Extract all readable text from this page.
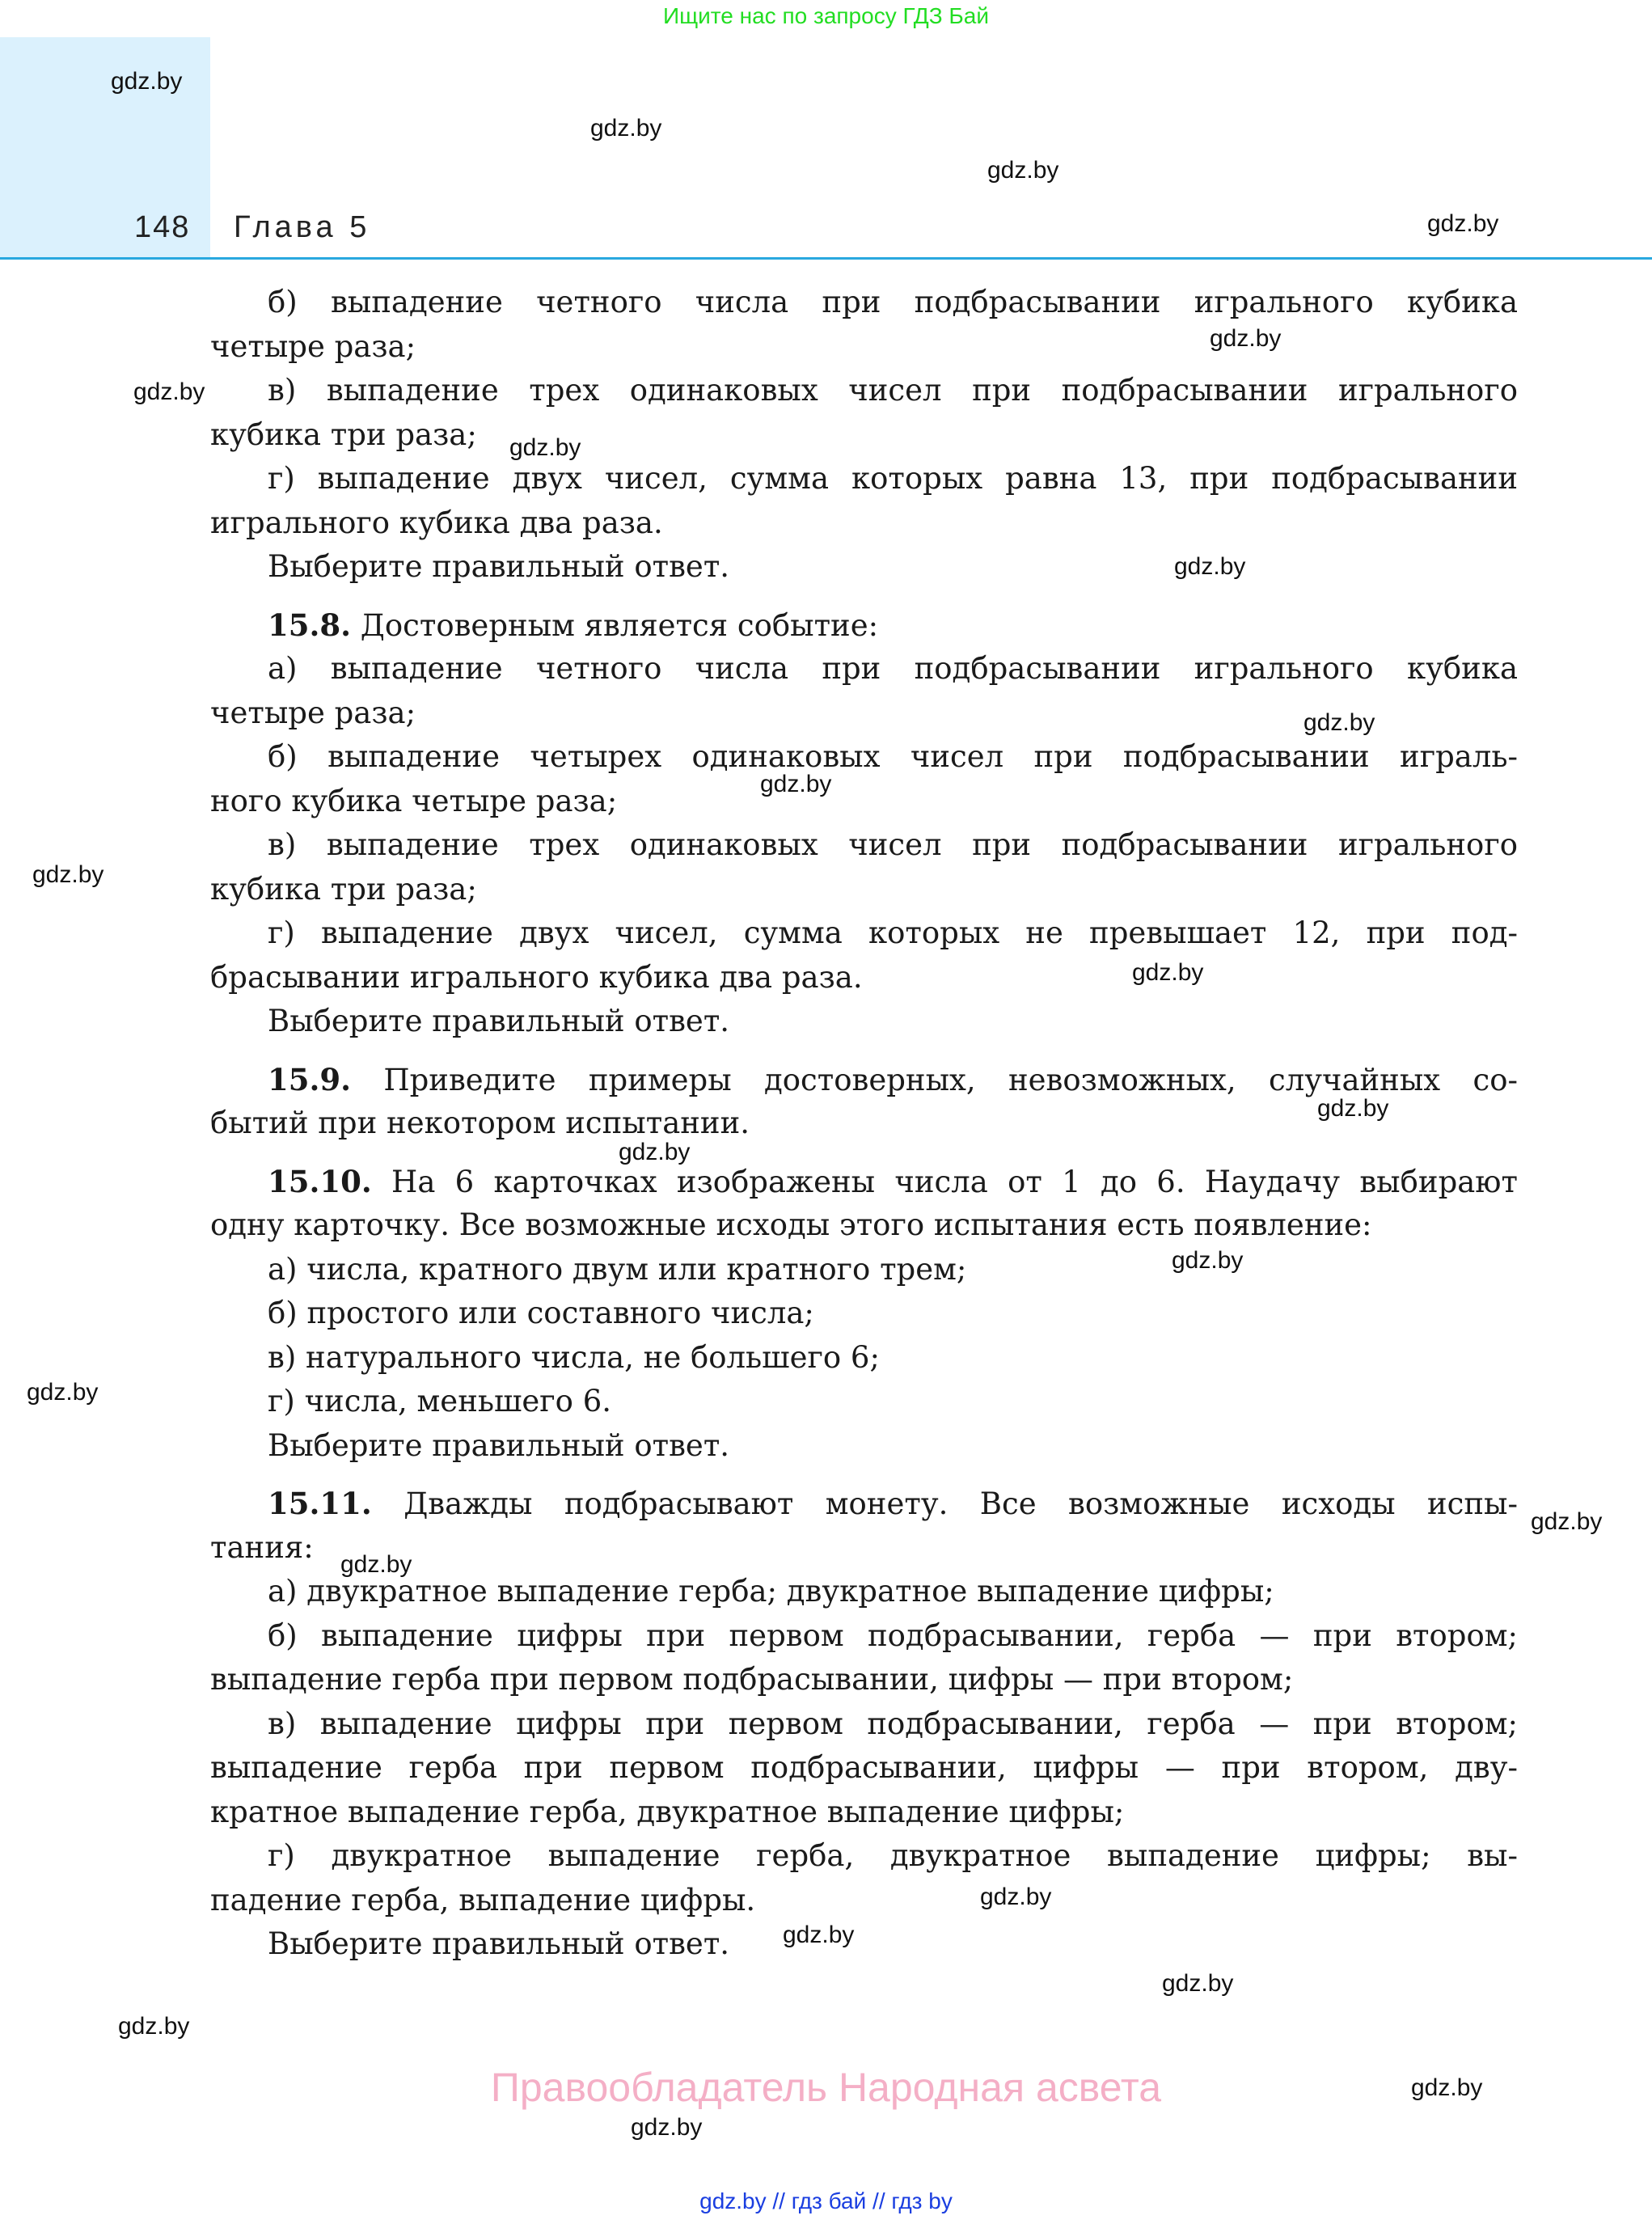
Ищите нас по запросу ГДЗ Бай
148 Глава 5
б) выпадение четного числа при подбрасывании игрального кубика
четыре раза;
в) выпадение трех одинаковых чисел при подбрасывании игрального
кубика три раза;
г) выпадение двух чисел, сумма которых равна 13, при подбрасывании
игрального кубика два раза.
Выберите правильный ответ.
15.8. Достоверным является событие:
а) выпадение четного числа при подбрасывании игрального кубика
четыре раза;
б) выпадение четырех одинаковых чисел при подбрасывании играль-
ного кубика четыре раза;
в) выпадение трех одинаковых чисел при подбрасывании игрального
кубика три раза;
г) выпадение двух чисел, сумма которых не превышает 12, при под-
брасывании игрального кубика два раза.
Выберите правильный ответ.
15.9. Приведите примеры достоверных, невозможных, случайных со-
бытий при некотором испытании.
15.10. На 6 карточках изображены числа от 1 до 6. Наудачу выбирают
одну карточку. Все возможные исходы этого испытания есть появление:
а) числа, кратного двум или кратного трем;
б) простого или составного числа;
в) натурального числа, не большего 6;
г) числа, меньшего 6.
Выберите правильный ответ.
15.11. Дважды подбрасывают монету. Все возможные исходы испы-
тания:
а) двукратное выпадение герба; двукратное выпадение цифры;
б) выпадение цифры при первом подбрасывании, герба — при втором;
выпадение герба при первом подбрасывании, цифры — при втором;
в) выпадение цифры при первом подбрасывании, герба — при втором;
выпадение герба при первом подбрасывании, цифры — при втором, дву-
кратное выпадение герба, двукратное выпадение цифры;
г) двукратное выпадение герба, двукратное выпадение цифры; вы-
падение герба, выпадение цифры.
Выберите правильный ответ.
gdz.by
gdz.by
gdz.by
gdz.by
gdz.by
gdz.by
gdz.by
gdz.by
gdz.by
gdz.by
gdz.by
gdz.by
gdz.by
gdz.by
gdz.by
gdz.by
gdz.by
gdz.by
gdz.by
gdz.by
gdz.by
gdz.by
gdz.by
gdz.by
Правообладатель Народная асвета
gdz.by // гдз бай // гдз by
